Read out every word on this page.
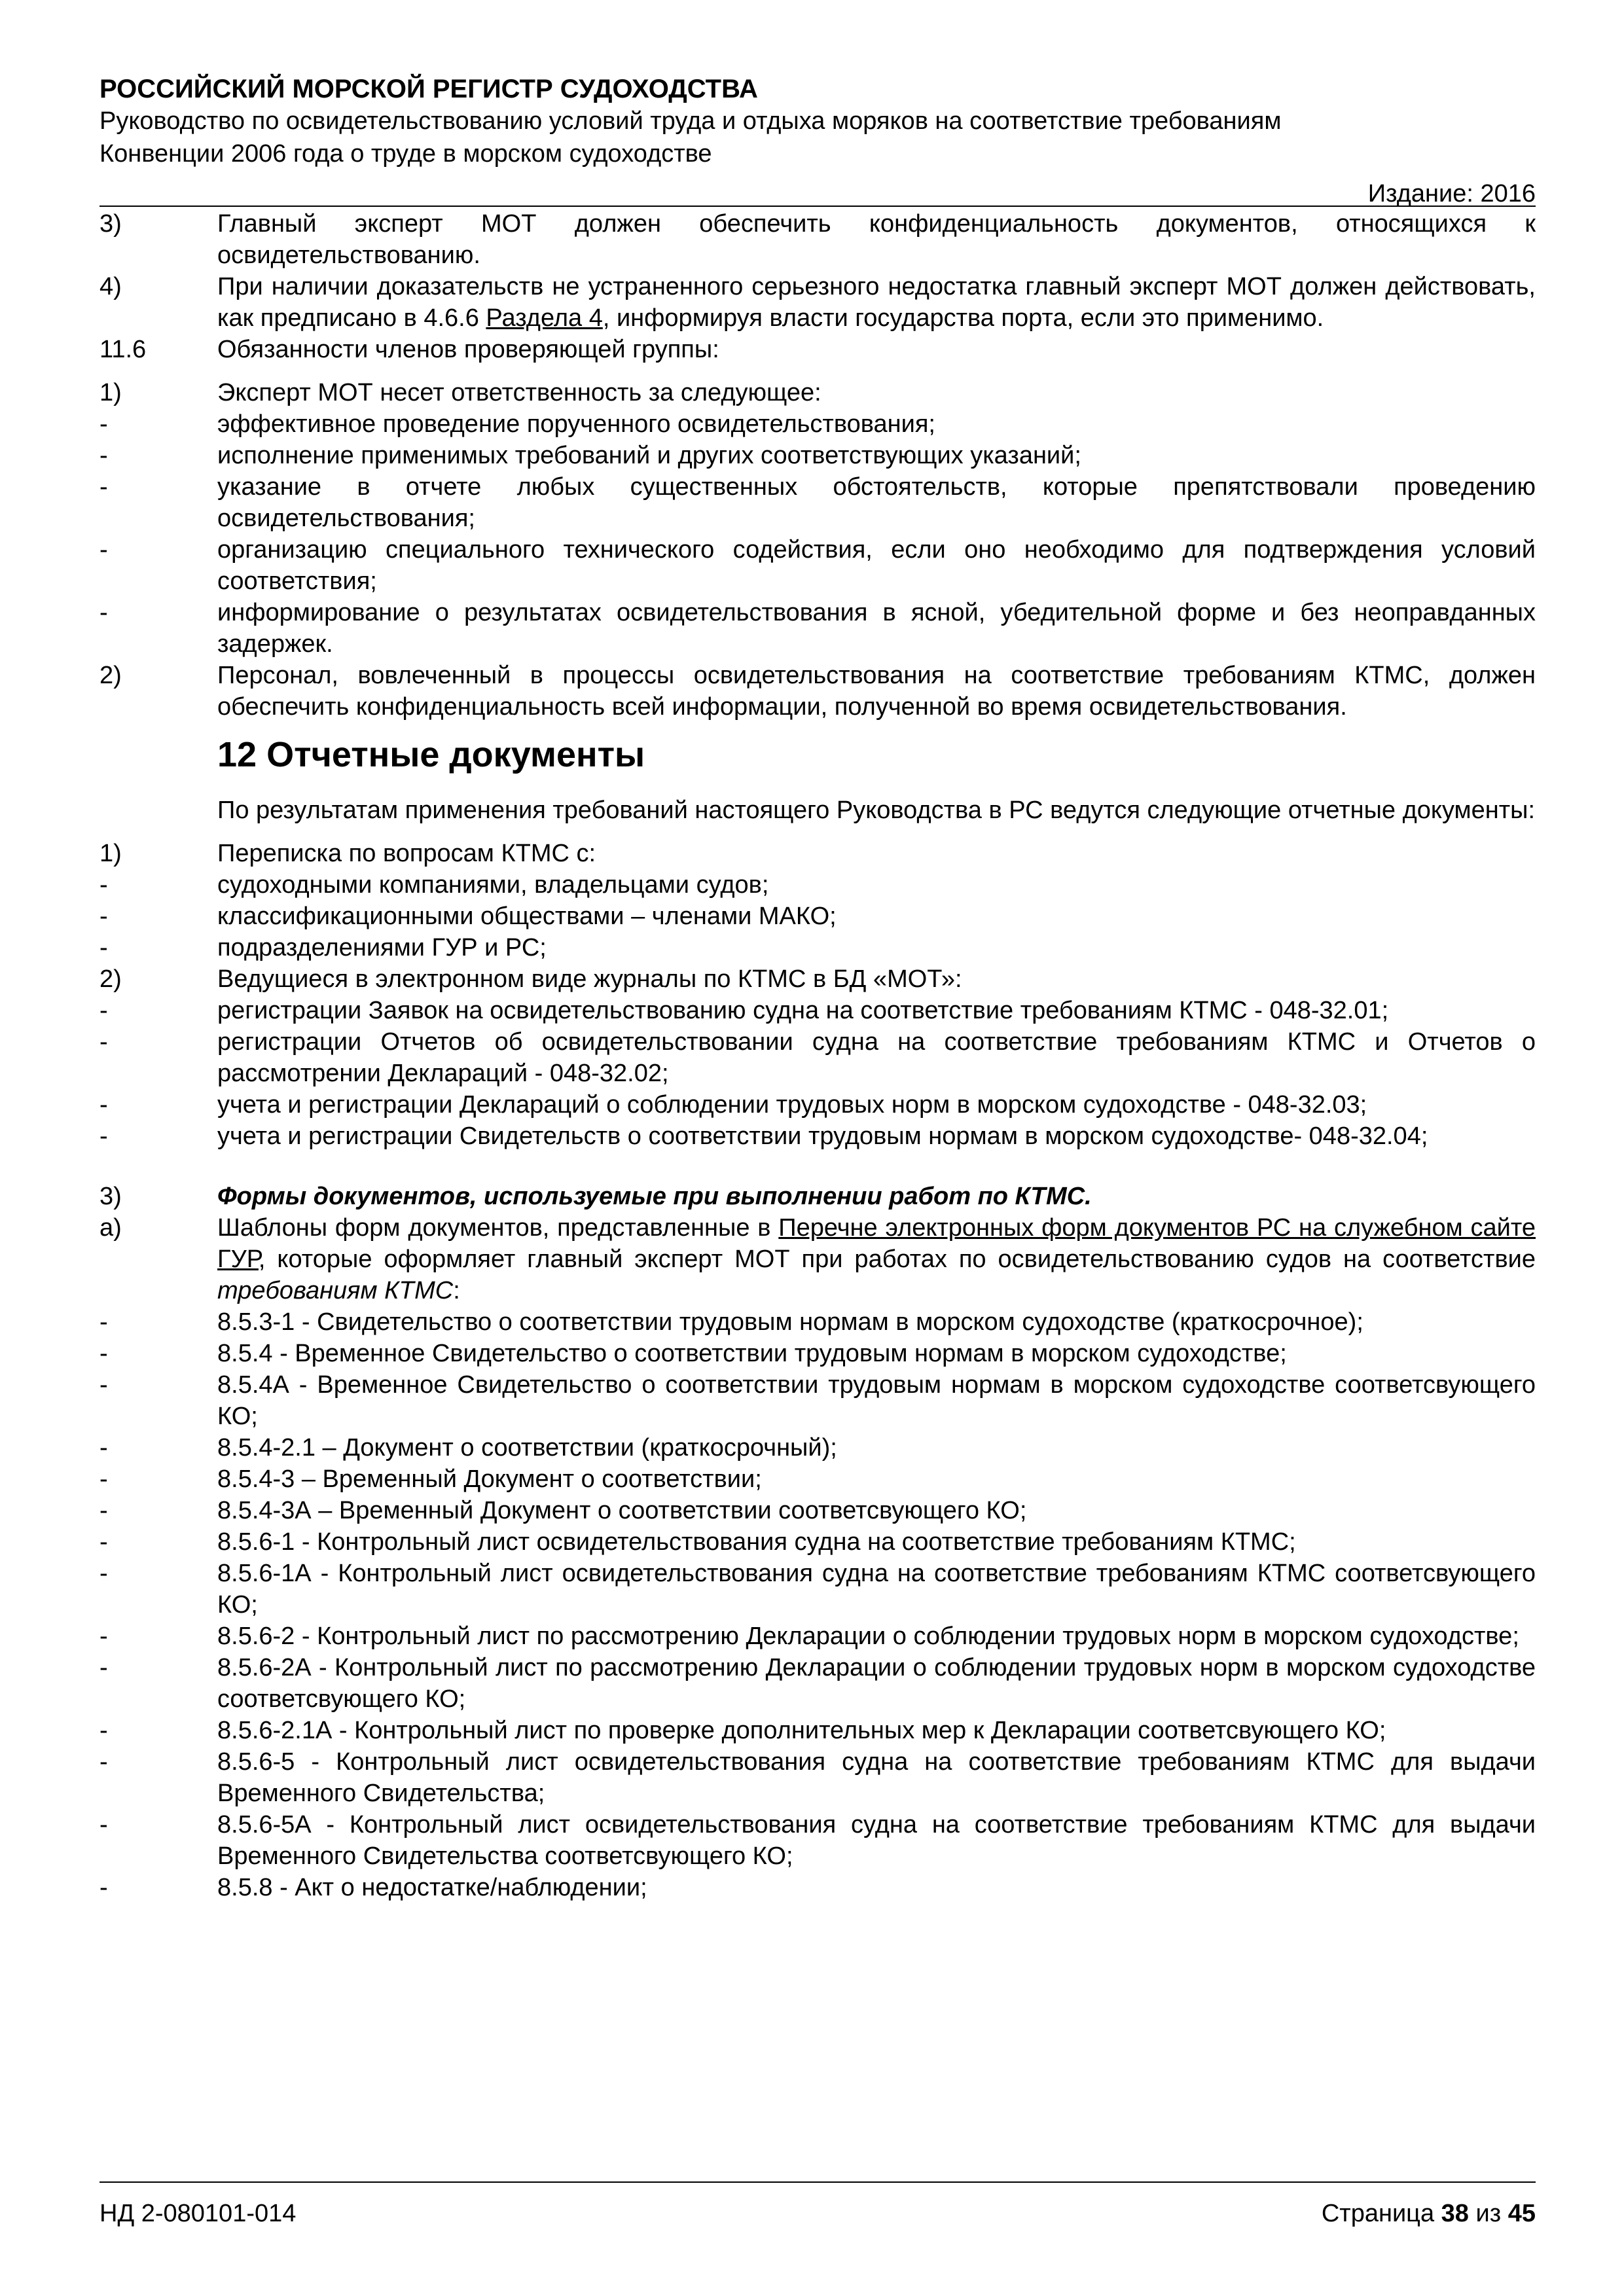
РОССИЙСКИЙ МОРСКОЙ РЕГИСТР СУДОХОДСТВА
Руководство по освидетельствованию условий труда и отдыха моряков на соответствие требованиям
Конвенции 2006 года о труде в морском судоходстве
Издание: 2016
3)	Главный эксперт МОТ должен обеспечить конфиденциальность документов, относящихся к освидетельствованию.
4)	При наличии доказательств не устраненного серьезного недостатка главный эксперт МОТ должен действовать, как предписано в 4.6.6 Раздела 4, информируя власти государства порта, если это применимо.
11.6	Обязанности членов проверяющей группы:
1)	Эксперт МОТ несет ответственность за следующее:
-	эффективное проведение порученного освидетельствования;
-	исполнение применимых требований и других соответствующих указаний;
-	указание в отчете любых существенных обстоятельств, которые препятствовали проведению освидетельствования;
-	организацию специального технического содействия, если оно необходимо для подтверждения условий соответствия;
-	информирование о результатах освидетельствования в ясной, убедительной форме и без неоправданных задержек.
2)	Персонал, вовлеченный в процессы освидетельствования на соответствие требованиям КТМС, должен обеспечить конфиденциальность всей информации, полученной во время освидетельствования.
12 Отчетные документы
По результатам применения требований настоящего Руководства в РС ведутся следующие отчетные документы:
1)	Переписка по вопросам КТМС с:
-	судоходными компаниями, владельцами судов;
-	классификационными обществами – членами МАКО;
-	подразделениями ГУР и РС;
2)	Ведущиеся в электронном виде журналы по КТМС в БД «МОТ»:
-	регистрации Заявок на освидетельствованию судна на соответствие требованиям КТМС - 048-32.01;
-	регистрации Отчетов об освидетельствовании судна на соответствие требованиям КТМС и Отчетов о рассмотрении Деклараций - 048-32.02;
-	учета и регистрации Деклараций о соблюдении трудовых норм в морском судоходстве - 048-32.03;
-	учета и регистрации Свидетельств о соответствии трудовым нормам в морском судоходстве- 048-32.04;
3)	Формы документов, используемые при выполнении работ по КТМС.
а)	Шаблоны форм документов, представленные в Перечне электронных форм документов РС на служебном сайте ГУР, которые оформляет главный эксперт МОТ при работах по освидетельствованию судов на соответствие требованиям КТМС:
-	8.5.3-1 - Свидетельство о соответствии трудовым нормам в морском судоходстве (краткосрочное);
-	8.5.4 - Временное Свидетельство о соответствии трудовым нормам в морском судоходстве;
-	8.5.4А - Временное Свидетельство о соответствии трудовым нормам в морском судоходстве соответсвующего КО;
-	8.5.4-2.1 – Документ о соответствии (краткосрочный);
-	8.5.4-3 – Временный Документ о соответствии;
-	8.5.4-3А – Временный Документ о соответствии соответсвующего КО;
-	8.5.6-1 - Контрольный лист освидетельствования судна на соответствие требованиям КТМС;
-	8.5.6-1А - Контрольный лист освидетельствования судна на соответствие требованиям КТМС соответсвующего КО;
-	8.5.6-2 - Контрольный лист по рассмотрению Декларации о соблюдении трудовых норм в морском судоходстве;
-	8.5.6-2А - Контрольный лист по рассмотрению Декларации о соблюдении трудовых норм в морском судоходстве соответсвующего КО;
-	8.5.6-2.1А - Контрольный лист по проверке дополнительных мер к Декларации соответсвующего КО;
-	8.5.6-5 - Контрольный лист освидетельствования судна на соответствие требованиям КТМС для выдачи Временного Свидетельства;
-	8.5.6-5А - Контрольный лист освидетельствования судна на соответствие требованиям КТМС для выдачи Временного Свидетельства соответсвующего КО;
-	8.5.8 - Акт о недостатке/наблюдении;
НД 2-080101-014	Страница 38 из 45
